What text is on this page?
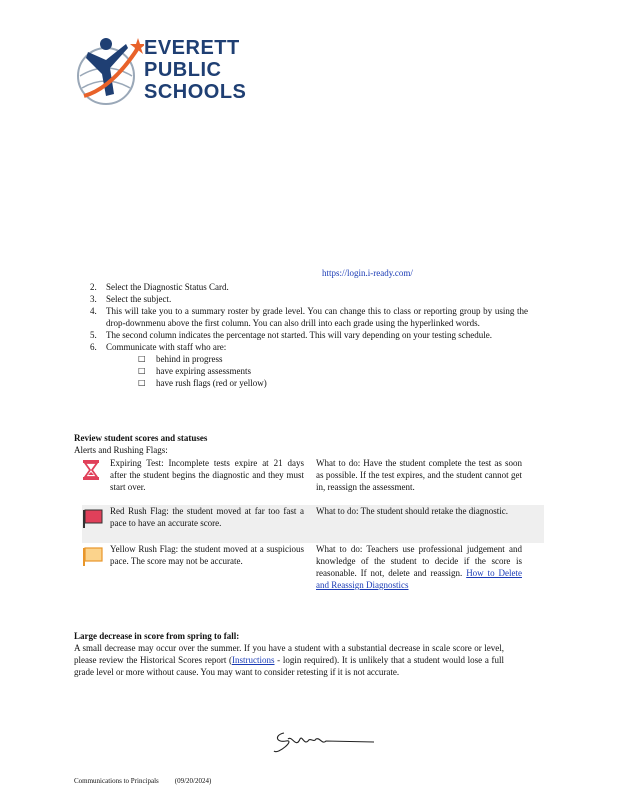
EVERETT
PUBLIC
SCHOOLS
https://login.i-ready.com/
2. Select the Diagnostic Status Card.
3. Select the subject.
4. This will take you to a summary roster by grade level. You can change this to class or reporting group by using the drop-downmenu above the first column. You can also drill into each grade using the hyperlinked words.
5. The second column indicates the percentage not started. This will vary depending on your testing schedule.
6. Communicate with staff who are:
□ behind in progress
□ have expiring assessments
□ have rush flags (red or yellow)
Review student scores and statuses
Alerts and Rushing Flags:
Expiring Test: Incomplete tests expire at 21 days after the student begins the diagnostic and they must start over.
What to do: Have the student complete the test as soon as possible. If the test expires, and the student cannot get in, reassign the assessment.
Red Rush Flag: the student moved at far too fast a pace to have an accurate score.
What to do: The student should retake the diagnostic.
Yellow Rush Flag: the student moved at a suspicious pace. The score may not be accurate.
What to do: Teachers use professional judgement and knowledge of the student to decide if the score is reasonable. If not, delete and reassign. How to Delete and Reassign Diagnostics
Large decrease in score from spring to fall:
A small decrease may occur over the summer. If you have a student with a substantial decrease in scale score or level, please review the Historical Scores report (Instructions - login required). It is unlikely that a student would lose a full grade level or more without cause. You may want to consider retesting if it is not accurate.
Communications to Principals (09/20/2024)
